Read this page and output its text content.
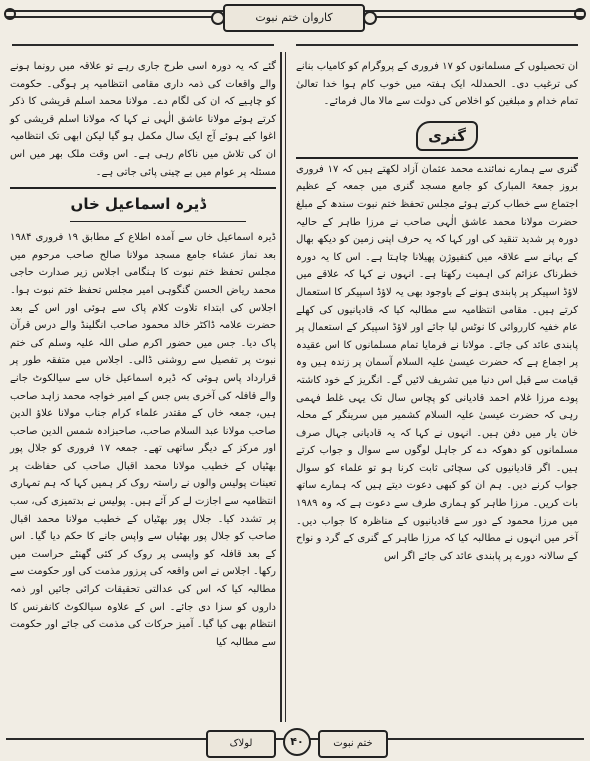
کاروان ختم نبوت

ان تحصیلوں کے مسلمانوں کو ۱۷ فروری کے پروگرام کو کامیاب بنانے کی ترغیب دی۔ الحمدللہ ایک ہفتہ میں خوب کام ہوا خدا تعالیٰ تمام خدام و مبلغین کو اخلاص کی دولت سے مالا مال فرمائے۔

گنری

گنری سے ہمارے نمائندے محمد عثمان آزاد لکھتے ہیں کہ ۱۷ فروری بروز جمعۃ المبارک کو جامع مسجد گنری میں جمعہ کے عظیم اجتماع سے خطاب کرتے ہوئے مجلس تحفظ ختم نبوت سندھ کے مبلغ حضرت مولانا محمد عاشق الٰہی صاحب نے مرزا طاہر کے حالیہ دورہ پر شدید تنقید کی اور کہا کہ یہ حرف اپنی زمین کو دیکھ بھال کے بہانے سے علاقہ میں کنفیوژن پھیلانا چاہتا ہے۔ اس کا یہ دورہ خطرناک عزائم کی اہمیت رکھتا ہے۔ انہوں نے کہا کہ علاقے میں لاؤڈ اسپیکر پر پابندی ہونے کے باوجود بھی یہ لاؤڈ اسپیکر کا استعمال کرتے ہیں۔ مقامی انتظامیہ سے مطالبہ کیا کہ قادیانیوں کی کھلے عام خفیہ کارروائی کا نوٹس لیا جائے اور لاؤڈ اسپیکر کے استعمال پر پابندی عائد کی جائے۔ مولانا نے فرمایا تمام مسلمانوں کا اس عقیدہ پر اجماع ہے کہ حضرت عیسیٰ علیہ السلام آسمان پر زندہ ہیں وہ قیامت سے قبل اس دنیا میں تشریف لائیں گے۔ انگریز کے خود کاشتہ پودے مرزا غلام احمد قادیانی کو پچاس سال تک یہی غلط فہمی رہی کہ حضرت عیسیٰ علیہ السلام کشمیر میں سرینگر کے محلہ خان یار میں دفن ہیں۔ انہوں نے کہا کہ یہ قادیانی جہال صرف مسلمانوں کو دھوکہ دے کر جاہل لوگوں سے سوال و جواب کرتے ہیں۔ اگر قادیانیوں کی سچائی ثابت کرنا ہو تو علماء کو سوال جواب کرنے دیں۔ ہم ان کو کبھی دعوت دیتے ہیں کہ ہمارے ساتھ بات کریں۔ مرزا طاہر کو ہماری طرف سے دعوت ہے کہ وہ ۱۹۸۹ میں مرزا محمود کے دور سے قادیانیوں کے مناظرہ کا جواب دیں۔ آخر میں انہوں نے مطالبہ کیا کہ مرزا طاہر کے گنری کے گرد و نواح کے سالانہ دورے پر پابندی عائد کی جائے اگر اس

گئے کہ یہ دورہ اسی طرح جاری رہے تو علاقہ میں رونما ہونے والے واقعات کی ذمہ داری مقامی انتظامیہ پر ہوگی۔ حکومت کو چاہیے کہ ان کی لگام دے۔ مولانا محمد اسلم قریشی کا ذکر کرتے ہوئے مولانا عاشق الٰہی نے کہا کہ مولانا اسلم قریشی کو اغوا کیے ہوئے آج ایک سال مکمل ہو گیا لیکن ابھی تک انتظامیہ ان کی تلاش میں ناکام رہی ہے۔ اس وقت ملک بھر میں اس مسئلہ پر عوام میں بے چینی پائی جاتی ہے۔

ڈیرہ اسماعیل خاں

ڈیرہ اسماعیل خاں سے آمدہ اطلاع کے مطابق ۱۹ فروری ۱۹۸۴ بعد نماز عشاء جامع مسجد مولانا صالح صاحب مرحوم میں مجلس تحفظ ختم نبوت کا ہنگامی اجلاس زیر صدارت حاجی محمد ریاض الحسن گنگوہی امیر مجلس تحفظ ختم نبوت ہوا۔ اجلاس کی ابتداء تلاوت کلام پاک سے ہوئی اور اس کے بعد حضرت علامہ ڈاکٹر خالد محمود صاحب انگلینڈ والے درس قرآن پاک دیا۔ جس میں حضور اکرم صلی اللہ علیہ وسلم کی ختم نبوت پر تفصیل سے روشنی ڈالی۔ اجلاس میں متفقہ طور پر قرارداد پاس ہوئی کہ ڈیرہ اسماعیل خاں سے سیالکوٹ جانے والے قافلہ کی آخری بس جس کے امیر خواجہ محمد زاہد صاحب ہیں، جمعہ خاں کے مقتدر علماء کرام جناب مولانا علاؤ الدین صاحب مولانا عبد السلام صاحب، صاحبزادہ شمس الدین صاحب اور مرکز کے دیگر ساتھی تھے۔ جمعہ ۱۷ فروری کو جلال پور بھٹیاں کے خطیب مولانا محمد اقبال صاحب کی حفاظت پر تعینات پولیس والوں نے راستہ روک کر ہمیں کہا کہ ہم تمہاری انتظامیہ سے اجازت لے کر آئے ہیں۔ پولیس نے بدتمیزی کی، سب پر تشدد کیا۔ جلال پور بھٹیاں کے خطیب مولانا محمد اقبال صاحب کو جلال پور بھٹیاں سے واپس جانے کا حکم دیا گیا۔ اس کے بعد قافلہ کو واپسی پر روک کر کئی گھنٹے حراست میں رکھا۔ اجلاس نے اس واقعہ کی پرزور مذمت کی اور حکومت سے مطالبہ کیا کہ اس کی عدالتی تحقیقات کرائی جائیں اور ذمہ داروں کو سزا دی جائے۔ اس کے علاوہ سیالکوٹ کانفرنس کا انتظام بھی کیا گیا۔ آمیز حرکات کی مذمت کی جائے اور حکومت سے مطالبہ کیا

لولاک	۴۰	ختم نبوت
